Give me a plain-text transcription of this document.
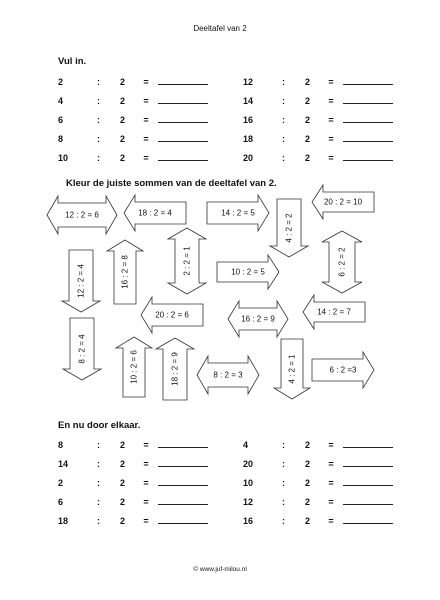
Deeltafel van 2
Vul in.
2	:	2	=	12	:	2	=
4	:	2	=	14	:	2	=
6	:	2	=	16	:	2	=
8	:	2	=	18	:	2	=
10	:	2	=	20	:	2	=
Kleur de juiste sommen van de deeltafel van 2.
12 : 2 = 6	18 : 2 = 4	14 : 2 = 5
4 : 2 = 2
20 : 2 = 10
12 : 2 = 4	16 : 2 = 8	2 : 2 = 1	10 : 2 = 5	6 : 2 = 2
20 : 2 = 6	16 : 2 = 9
14 : 2 = 7
8 : 2 = 4
10 : 2 = 6	18 : 2 = 9	8 : 2 = 3	4 : 2 = 1	6 : 2 =3
En nu door elkaar.
8	:	2	=	4	:	2	=
14	:	2	=	20	:	2	=
2	:	2	=	10	:	2	=
6	:	2	=	12	:	2	=
18	:	2	=	16	:	2	=
© www.juf-milou.nl
